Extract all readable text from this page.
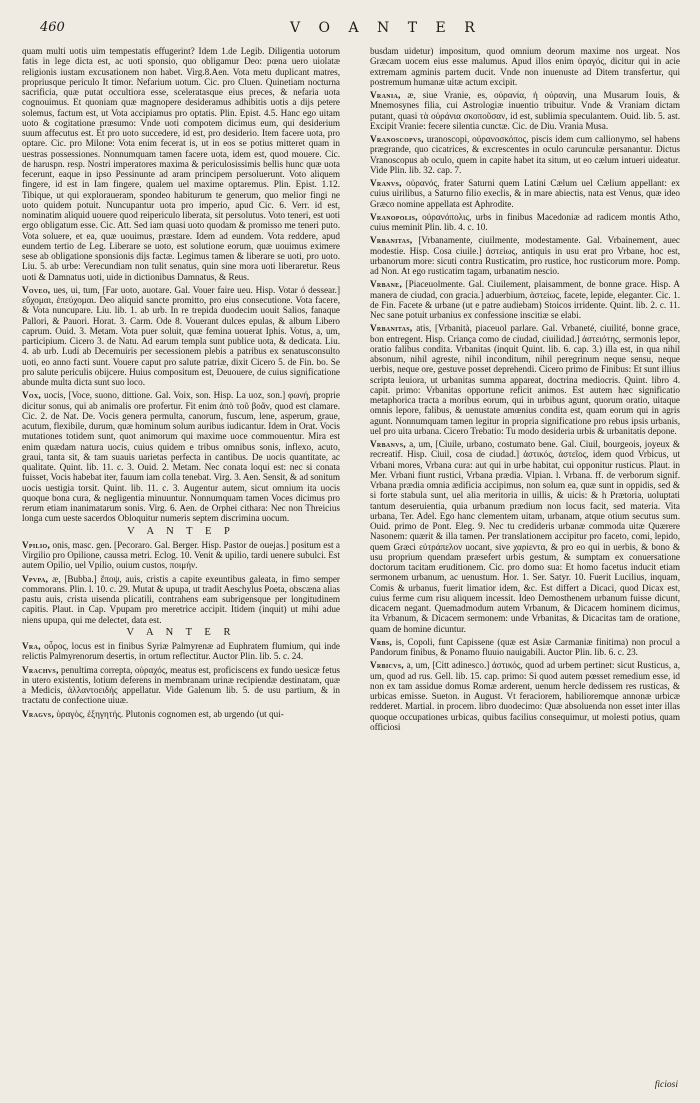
460	V O A N T E R

quam multi uotis uim tempestatis effugerint? Idem 1.de Legib. Diligentia uotorum fatis in lege dicta est, ac uoti sponsio, quo obligamur Deo: pœna uero uiolatæ religionis iustam excusationem non habet. Virg.8.Aen. Vota metu duplicant matres, propriusque periculo It timor. Nefarium uotum. Cic. pro Cluen. Quinetiam nocturna sacrificia, quæ putat occultiora esse, sceleratasque eius preces, & nefaria uota cognouimus. Et quoniam quæ magnopere desideramus adhibitis uotis a dijs petere solemus, factum est, ut Vota accipiamus pro optatis. Plin. Epist. 4.5. Hanc ego uitam uoto & cogitatione præsumo: Vnde uoti compotem dicimus eum, qui desiderium suum affecutus est. Et pro uoto succedere, id est, pro desiderio. Item facere uota, pro optare. Cic. pro Milone: Vota enim fecerat is, ut in eos se potius mitteret quam in uestras possessiones. Nonnumquam tamen facere uota, idem est, quod mouere. Cic. de haruspn. resp. Nostri imperatores maxima & periculosissimis bellis hunc quæ uota fecerunt, eaque in ipso Pessinunte ad aram principem persoluerunt. Voto aliquem fingere, id est in Iam fingere, qualem uel maxime optaremus. Plin. Epist. 1.12. Tibique, ut qui exploraueram, spondeo habiturum te generum, quo melior fingi ne uoto quidem potuit. Nuncupantur uota pro imperio, apud Cic. 6. Verr. id est, nominatim aliquid uouere quod reipericulo liberata, sit persolutus. Voto teneri, est uoti ergo obligatum esse. Cic. Att. Sed iam quasi uoto quodam & promisso me teneri puto. Vota soluere, et ea, quæ uouimus, præstare. Idem ad eundem. Vota reddere, apud eundem tertio de Leg. Liberare se uoto, est solutione eorum, quæ uouimus eximere sese ab obligatione sponsionis dijs factæ. Legimus tamen & liberare se uoti, pro uoto. Liu. 5. ab urbe: Verecundiam non tulit senatus, quin sine mora uoti liberaretur. Reus uoti & Damnatus uoti, uide in dictionibus Damnatus, & Reus.

Voveo, ues, ui, tum, [Far uoto, auotare. Gal. Vouer faire ueu. Hisp. Votar ó dessear.] εὔχομαι, ἐπεύχομαι. Deo aliquid sancte promitto, pro eius consecutione. Vota facere, & Vota nuncupare. Liu. lib. 1. ab urb. In re trepida duodecim uouit Salios, fanaque Pallori, & Pauori. Horat. 3. Carm. Ode 8. Vouerant dulces epulas, & album Libero caprum. Ouid. 3. Metam. Vota puer soluit, quæ femina uouerat Iphis. Votus, a, um, participium. Cicero 3. de Natu. Ad earum templa sunt publice uota, & dedicata. Liu. 4. ab urb. Ludi ab Decemuiris per secessionem plebis a patribus ex senatusconsulto uoti, eo anno facti sunt. Vouere caput pro salute patriæ, dixit Cicero 5. de Fin. bo. Se pro salute periculis obijcere. Huius compositum est, Deuouere, de cuius significatione abunde multa dicta sunt suo loco.

Vox, uocis, [Voce, suono, dittione. Gal. Voix, son. Hisp. La uoz, son.] φωνή, proprie dicitur sonus, qui ab animalis ore profertur. Fit enim ἀπὸ τοῦ βοᾶν, quod est clamare. Cic. 2. de Nat. De. Vocis genera permulta, canorum, fuscum, lene, asperum, graue, acutum, flexibile, durum, quæ hominum solum auribus iudicantur. Idem in Orat. Vocis mutationes totidem sunt, quot animorum qui maxime uoce commouentur. Mira est enim quædam natura uocis, cuius quidem e tribus omnibus sonis, inflexo, acuto, graui, tanta sit, & tam suauis uarietas perfecta in cantibus. De uocis quantitate, ac qualitate. Quint. lib. 11. c. 3. Ouid. 2. Metam. Nec conata loqui est: nec si conata fuisset, Vocis habebat iter, fauum iam colla tenebat. Virg. 3. Aen. Sensit, & ad sonitum uocis uestigia torsit. Quint. lib. 11. c. 3. Augentur autem, sicut omnium ita uocis quoque bona cura, & negligentia minuuntur. Nonnumquam tamen Voces dicimus pro rerum etiam inanimatarum sonis. Virg. 6. Aen. de Orphei cithara: Nec non Threicius longa cum ueste sacerdos Obloquitur numeris septem discrimina uocum.

V A N T E P

Vpilio, onis, masc. gen. [Pecoraro. Gal. Berger. Hisp. Pastor de ouejas.] positum est a Virgilio pro Opilione, caussa metri. Eclog. 10. Venit & upilio, tardi uenere subulci. Est autem Opilio, uel Vpilio, ouium custos, ποιμήν.

Vpvpa, æ, [Bubba.] ἔποψ, auis, cristis a capite exeuntibus galeata, in fimo semper commorans. Plin. l. 10. c. 29. Mutat & upupa, ut tradit Aeschylus Poeta, obscæna alias pastu auis, crista uisenda plicatili, contrahens eam subrigensque per longitudinem capitis. Plaut. in Cap. Vpupam pro meretrice accipit. Itidem (inquit) ut mihi adue niens upupa, qui me delectet, data est.

V A N T E R

Vra, οὖρος, locus est in finibus Syriæ Palmyrenæ ad Euphratem flumium, qui inde relictis Palmyrenorum desertis, in ortum reflectitur. Auctor Plin. lib. 5. c. 24.

Vrachvs, penultima correpta, οὐραχός, meatus est, proficiscens ex fundo uesicæ fetus in utero existentis, lotium deferens in membranam urinæ recipiendæ destinatam, quæ a Medicis, ἀλλαντοειδής appellatur. Vide Galenum lib. 5. de usu partium, & in tractatu de confectione uiuæ.

Vragvs, ὑραγὸς, ἐξηγητής. Plutonis cognomen est, ab urgendo (ut qui-

busdam uidetur) impositum, quod omnium deorum maxime nos urgeat. Nos Græcam uocem eius esse malumus. Apud illos enim ὑραγός, dicitur qui in acie extremam agminis partem ducit. Vnde non inuenuste ad Ditem transfertur, qui postremum humanæ uitæ actum excipit.

Vrania, æ, siue Vranie, es, οὐρανία, ἡ οὐρανίη, una Musarum Iouis, & Mnemosynes filia, cui Astrologiæ inuentio tribuitur. Vnde & Vraniam dictam putant, quasi τὰ οὐράνια σκοποῦσαν, id est, sublimia speculantem. Ouid. lib. 5. ast. Excipit Vranie: fecere silentia cunctæ. Cic. de Diu. Vrania Musa.

Vranoscopvs, uranoscopi, οὐρανοσκόπος, piscis idem cum callionymo, sel habens prægrande, quo cicatrices, & excrescentes in oculo carunculæ persanantur. Dictus Vranoscopus ab oculo, quem in capite habet ita situm, ut eo cælum intueri uideatur. Vide Plin. lib. 32. cap. 7.

Vranvs, οὐρανός, frater Saturni quem Latini Cælum uel Cælium appellant: ex cuius uirilibus, a Saturno filio execlis, & in mare abiectis, nata est Venus, quæ ideo Græco nomine appellata est Aphrodite.

Vranopolis, οὐρανόπολις, urbs in finibus Macedoniæ ad radicem montis Atho, cuius meminit Plin. lib. 4. c. 10.

Vrbanitas, [Vrbanamente, ciuilmente, modestamente. Gal. Vrbainement, auec modestie. Hisp. Cosa ciuile.] ἀστείως, antiquis in usu erat pro Vrbane, hoc est, urbanorum more: sicuti contra Rusticatim, pro rustice, hoc rusticorum more. Pomp. ad Non. At ego rusticatim tagam, urbanatim nescio.

Vrbane, [Piaceuolmente. Gal. Ciuilement, plaisamment, de bonne grace. Hisp. A manera de ciudad, con gracia.] aduerbium, ἀστείως, facete, lepide, eleganter. Cic. 1. de Fin. Facete & urbane (ut e patre audiebam) Stoicos irridente. Quint. lib. 2. c. 11. Nec sane potuit urbanius ex confessione inscitiæ se elabi.

Vrbanitas, atis, [Vrbanità, piaceuol parlare. Gal. Vrbaneté, ciuilité, bonne grace, bon entregent. Hisp. Criança como de ciudad, ciuilidad.] ἀστειότης, sermonis lepor, oratio falibus condita. Vrbanitas (inquit Quint. lib. 6. cap. 3.) illa est, in qua nihil absonum, nihil agreste, nihil inconditum, nihil peregrinum neque sensu, neque uerbis, neque ore, gestuve posset deprehendi. Cicero primo de Finibus: Et sunt illius scripta leuiora, ut urbanitas summa appareat, doctrina mediocris. Quint. libro 4. capit. primo: Vrbanitas opportune reficit animos. Est autem hæc significatio metaphorica tracta a moribus eorum, qui in urbibus agunt, quorum oratio, uitaque omnis lepore, falibus, & uenustate amœnius condita est, quam eorum qui in agris agunt. Nonnumquam tamen legitur in propria significatione pro rebus ipsis urbanis, uel pro uita urbana. Cicero Trebatio: Tu modo desideria urbis & urbanitatis depone.

Vrbanvs, a, um, [Ciuile, urbano, costumato bene. Gal. Ciuil, bourgeois, joyeux & recreatif. Hisp. Ciuil, cosa de ciudad.] ἀστικός, ἀστεῖος, idem quod Vrbicus, ut Vrbani mores, Vrbana cura: aut qui in urbe habitat, cui opponitur rusticus. Plaut. in Mer. Vrbani fiunt rustici, Vrbana prædia. Vlpian. l. Vrbana. ff. de verborum signif. Vrbana prædia omnia ædificia accipimus, non solum ea, quæ sunt in oppidis, sed & si forte stabula sunt, uel alia meritoria in uillis, & uicis: & h Prætoria, uoluptati tantum deseruientia, quia urbanum prædium non locus facit, sed materia. Vita urbana, Ter. Adel. Ego hanc clementem uitam, urbanam, atque otium secutus sum. Ouid. primo de Pont. Eleg. 9. Nec tu credideris urbanæ commoda uitæ Quærere Nasonem: quærit & illa tamen. Per translationem accipitur pro faceto, comi, lepido, quem Græci εὐτράπελον uocant, sive χαρίεντα, & pro eo qui in uerbis, & bono & usu proprium quendam præsefert urbis gestum, & sumptam ex conuersatione doctorum tacitam eruditionem. Cic. pro domo sua: Et homo facetus inducit etiam sermonem urbanum, ac uenustum. Hor. 1. Ser. Satyr. 10. Fuerit Lucilius, inquam, Comis & urbanus, fuerit limatior idem, &c. Est differt a Dicaci, quod Dicax est, cuius ferme cum risu aliquem incessit. Ideo Demosthenem urbanum fuisse dicunt, dicacem negant. Quemadmodum autem Vrbanum, & Dicacem hominem dicimus, ita Vrbanum, & Dicacem sermonem: unde Vrbanitas, & Dicacitas tam de oratione, quam de homine dicuntur.

Vrbs, is, Copoli, funt Capissene (quæ est Asiæ Carmaniæ finitima) non procul a Pandorum finibus, & Ponamo fluuio nauigabili. Auctor Plin. lib. 6. c. 23.

Vrbicvs, a, um, [Citt adinesco.] ἀστικός, quod ad urbem pertinet: sicut Rusticus, a, um, quod ad rus. Gell. lib. 15. cap. primo: Si quod autem pœsset remedium esse, id non ex tam assidue domus Romæ arderent, uenum hercle dedissem res rusticas, & urbicas emisse. Sueton. in August. Vt feraciorem, habilioremque annonæ urbicæ redderet. Martial. in procem. libro duodecimo: Quæ absoluenda non esset inter illas quoque occupationes urbicas, quibus facilius consequimur, ut molesti potius, quam officiosi

ficiosi
